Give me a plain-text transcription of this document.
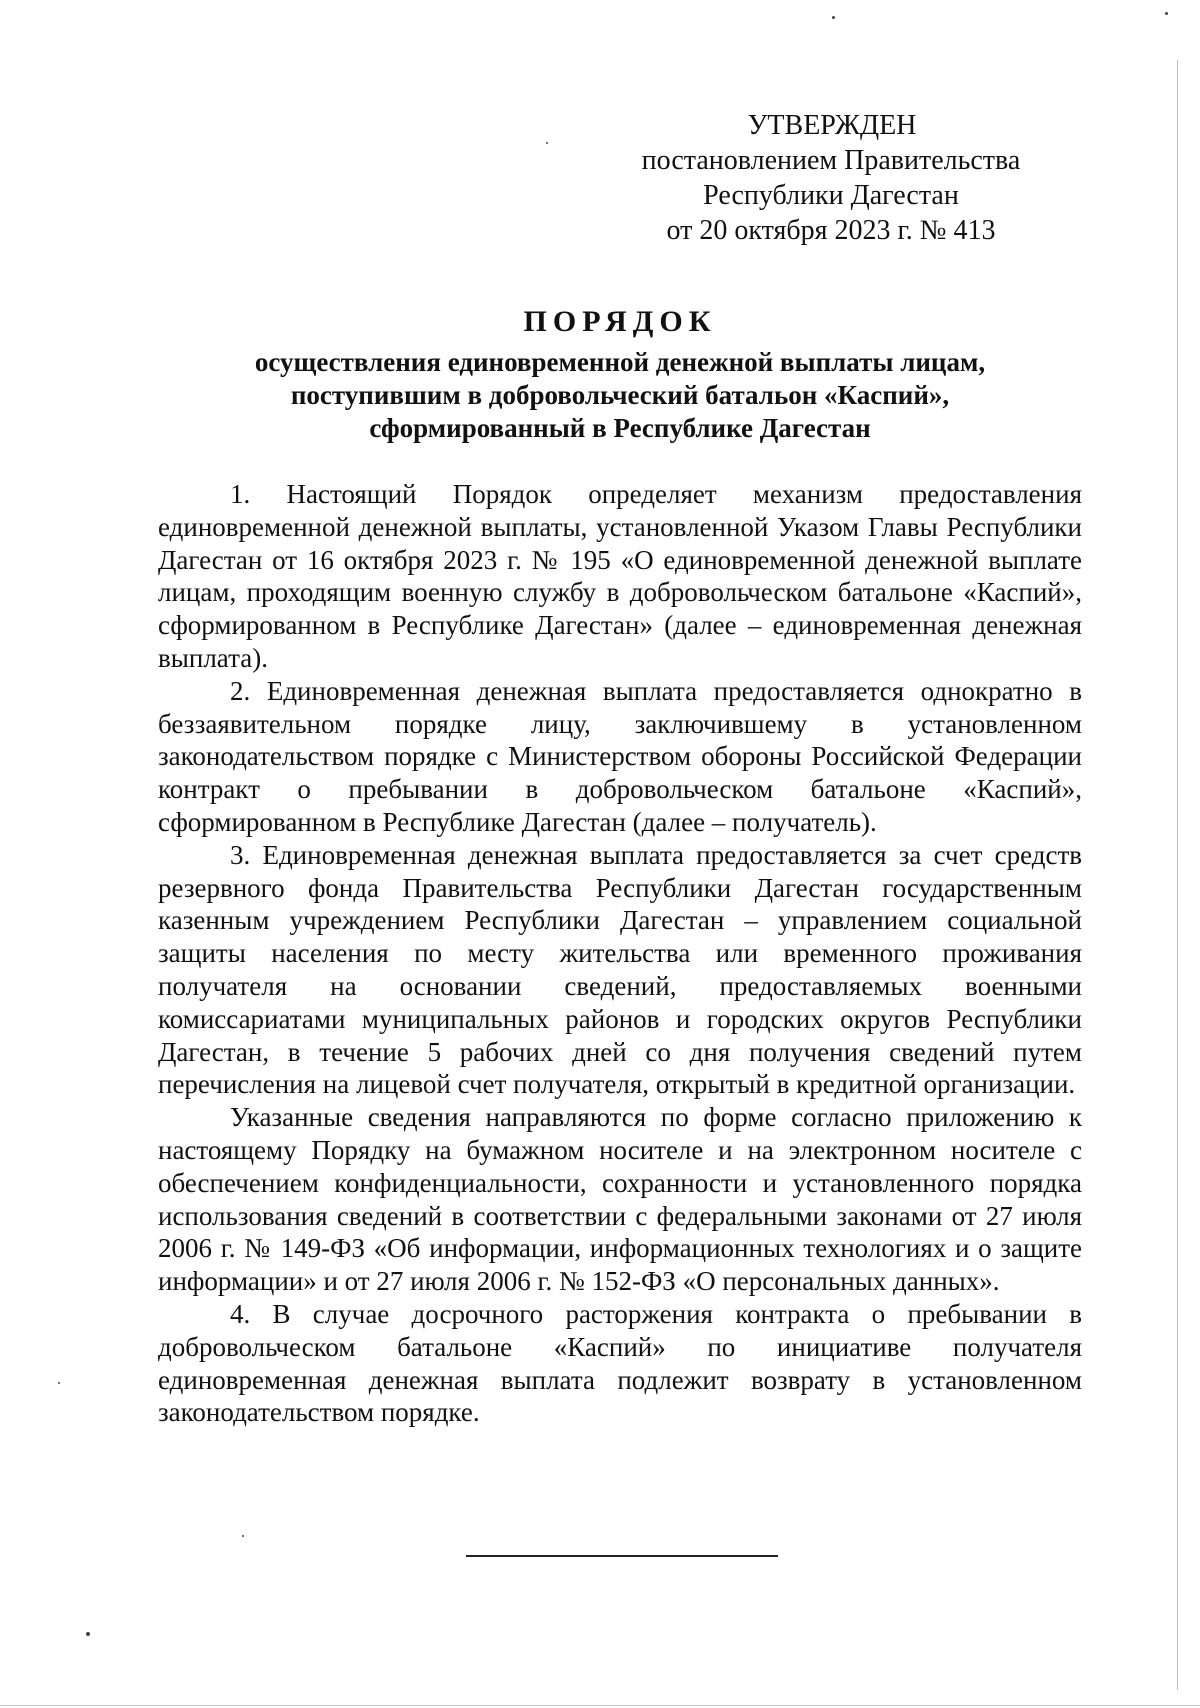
УТВЕРЖДЕН
постановлением Правительства
Республики Дагестан
от 20 октября 2023 г. № 413
ПОРЯДОК
осуществления единовременной денежной выплаты лицам,
поступившим в добровольческий батальон «Каспий»,
сформированный в Республике Дагестан

1. Настоящий Порядок определяет механизм предоставления единовременной денежной выплаты, установленной Указом Главы Республики Дагестан от 16 октября 2023 г. № 195 «О единовременной денежной выплате лицам, проходящим военную службу в добровольческом батальоне «Каспий», сформированном в Республике Дагестан» (далее – единовременная денежная выплата).

2. Единовременная денежная выплата предоставляется однократно в беззаявительном порядке лицу, заключившему в установленном законодательством порядке с Министерством обороны Российской Федерации контракт о пребывании в добровольческом батальоне «Каспий», сформированном в Республике Дагестан (далее – получатель).

3. Единовременная денежная выплата предоставляется за счет средств резервного фонда Правительства Республики Дагестан государственным казенным учреждением Республики Дагестан – управлением социальной защиты населения по месту жительства или временного проживания получателя на основании сведений, предоставляемых военными комиссариатами муниципальных районов и городских округов Республики Дагестан, в течение 5 рабочих дней со дня получения сведений путем перечисления на лицевой счет получателя, открытый в кредитной организации.

Указанные сведения направляются по форме согласно приложению к настоящему Порядку на бумажном носителе и на электронном носителе с обеспечением конфиденциальности, сохранности и установленного порядка использования сведений в соответствии с федеральными законами от 27 июля 2006 г. № 149-ФЗ «Об информации, информационных технологиях и о защите информации» и от 27 июля 2006 г. № 152-ФЗ «О персональных данных».

4. В случае досрочного расторжения контракта о пребывании в добровольческом батальоне «Каспий» по инициативе получателя единовременная денежная выплата подлежит возврату в установленном законодательством порядке.
